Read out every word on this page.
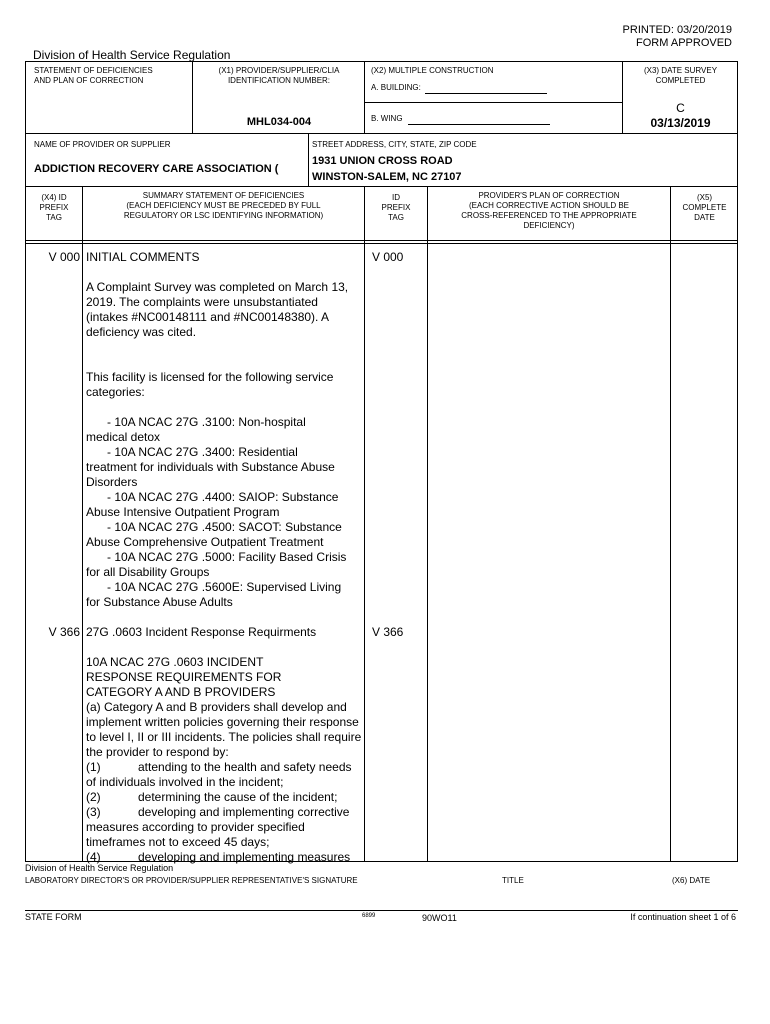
PRINTED: 03/20/2019
FORM APPROVED
Division of Health Service Regulation
STATEMENT OF DEFICIENCIES
AND PLAN OF CORRECTION
(X1) PROVIDER/SUPPLIER/CLIA
IDENTIFICATION NUMBER:
MHL034-004
(X2) MULTIPLE CONSTRUCTION
A. BUILDING:
B. WING
(X3) DATE SURVEY
COMPLETED
C
03/13/2019
NAME OF PROVIDER OR SUPPLIER
ADDICTION RECOVERY CARE ASSOCIATION (
STREET ADDRESS, CITY, STATE, ZIP CODE
1931 UNION CROSS ROAD
WINSTON-SALEM, NC 27107
(X4) ID
PREFIX
TAG
SUMMARY STATEMENT OF DEFICIENCIES
(EACH DEFICIENCY MUST BE PRECEDED BY FULL
REGULATORY OR LSC IDENTIFYING INFORMATION)
ID
PREFIX
TAG
PROVIDER'S PLAN OF CORRECTION
(EACH CORRECTIVE ACTION SHOULD BE
CROSS-REFERENCED TO THE APPROPRIATE
DEFICIENCY)
(X5)
COMPLETE
DATE
V 000	V 000
INITIAL COMMENTS
A Complaint Survey was completed on March 13, 2019. The complaints were unsubstantiated (intakes #NC00148111 and #NC00148380). A deficiency was cited.
This facility is licensed for the following service categories:
- 10A NCAC 27G .3100: Non-hospital
medical detox
- 10A NCAC 27G .3400: Residential
treatment for individuals with Substance Abuse Disorders
- 10A NCAC 27G .4400: SAIOP: Substance
Abuse Intensive Outpatient Program
- 10A NCAC 27G .4500: SACOT: Substance
Abuse Comprehensive Outpatient Treatment
- 10A NCAC 27G .5000: Facility Based Crisis
for all Disability Groups
- 10A NCAC 27G .5600E: Supervised Living
for Substance Abuse Adults
V 366	V 366
27G .0603 Incident Response Requirments
10A NCAC 27G .0603 INCIDENT
RESPONSE REQUIREMENTS FOR
CATEGORY A AND B PROVIDERS
(a) Category A and B providers shall develop and implement written policies governing their response to level I, II or III incidents. The policies shall require the provider to respond by:
(1)	attending to the health and safety needs
of individuals involved in the incident;
(2)	determining the cause of the incident;
(3)	developing and implementing corrective
measures according to provider specified timeframes not to exceed 45 days;
(4)	developing and implementing measures
Division of Health Service Regulation
LABORATORY DIRECTOR'S OR PROVIDER/SUPPLIER REPRESENTATIVE'S SIGNATURE	TITLE	(X6) DATE
STATE FORM	6899	90WO11	If continuation sheet 1 of 6
